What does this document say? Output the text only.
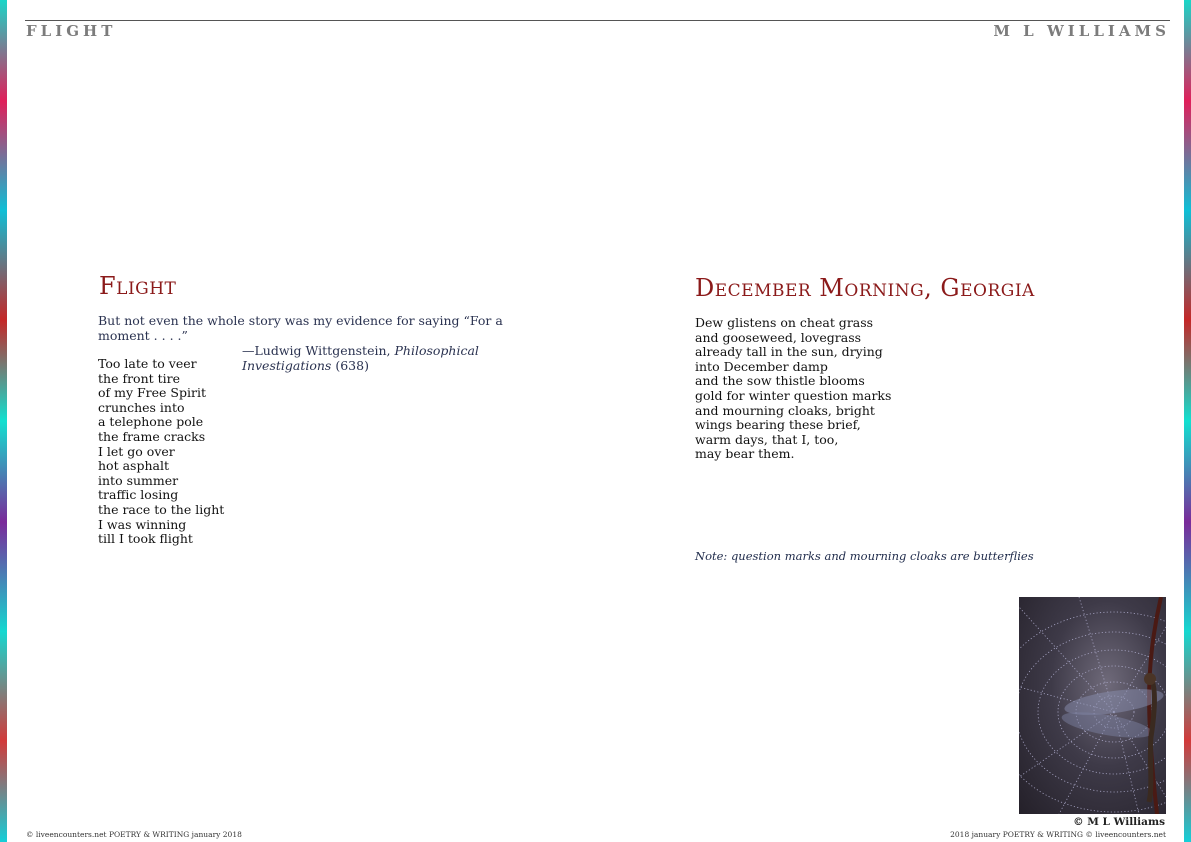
FLIGHT	M L WILLIAMS
Flight
But not even the whole story was my evidence for saying “For a moment . . . .”
—Ludwig Wittgenstein, Philosophical Investigations (638)
Too late to veer
the front tire
of my Free Spirit
crunches into
a telephone pole
the frame cracks
I let go over
hot asphalt
into summer
traffic losing
the race to the light
I was winning
till I took flight
December Morning, Georgia
Dew glistens on cheat grass
and gooseweed, lovegrass
already tall in the sun, drying
into December damp
and the sow thistle blooms
gold for winter question marks
and mourning cloaks, bright
wings bearing these brief,
warm days, that I, too,
may bear them.
Note: question marks and mourning cloaks are butterflies
© M L Williams
© liveencounters.net POETRY & WRITING january 2018	2018 january POETRY & WRITING © liveencounters.net
